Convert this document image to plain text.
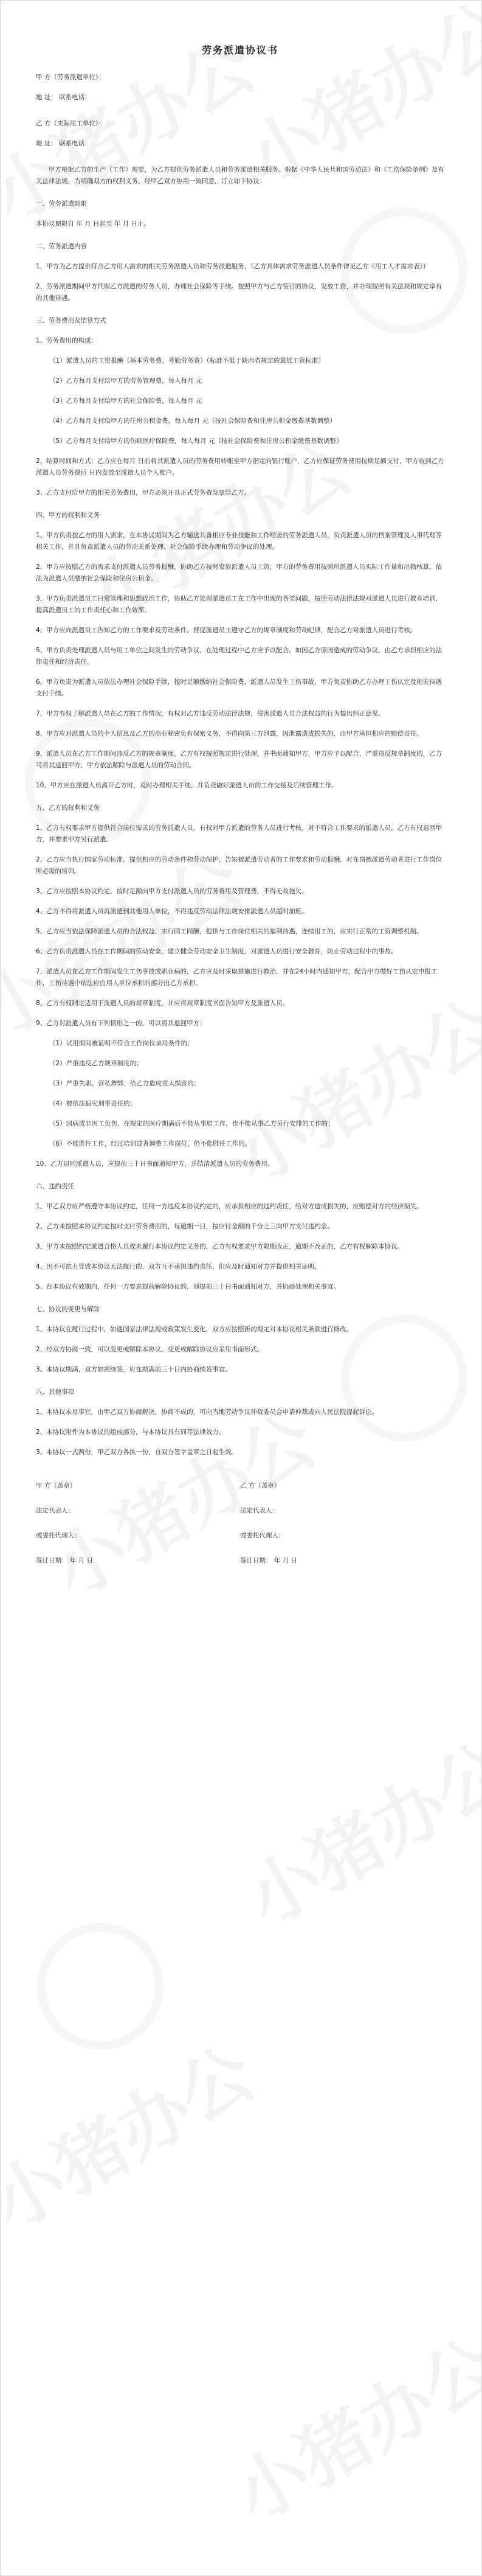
劳务派遣协议书
甲 方（劳务派遣单位）：
地 址： 联系电话：
乙 方（实际用工单位）：
地 址： 联系电话：
甲方根据乙方的生产（工作）需要，为乙方提供劳务派遣人员和劳务派遣相关服务。根据《中华人民共和国劳动法》和《工伤保险条例》及有关法律法规，为明确双方的权利义务，经甲乙双方协商一致同意，订立如下协议：
一、劳务派遣期限
本协议期限自 年 月 日起至 年 月 日止。
二、劳务派遣内容
1、甲方为乙方提供符合乙方用人需求的相关劳务派遣人员和劳务派遣服务，（乙方具体需求劳务派遣人员条件详见乙方《用工人才需求表》）
2、劳务派遣期间甲方代理乙方派遣的劳务人员，办理社会保险等手续。按照甲方与乙方签订的协议，发放工资，并办理按照有关法规和规定享有的其他待遇。
三、劳务费用及结算方式
1、劳务费用的构成：
（1）派遣人员的工资报酬（基本劳务费、考勤劳务费）（标准不低于陕西省规定的最低工资标准）
（2）乙方每月支付给甲方的劳务管理费，每人每月 元
（3）乙方每月支付给甲方的社会保险费，每人每月 元
（4）乙方每月支付给甲方的住房公积金费，每人每月 元（按社会保险费和住房公积金缴费基数调整）
（5）乙方每月支付给甲方的伤病医疗保险费，每人每月 元（按社会保险费和住房公积金缴费基数调整）
2、结算时间和方式：乙方应在每月 日前将其派遣人员的劳务费用转账至甲方指定的银行账户，乙方应保证劳务费用按期足额支付，甲方收到乙方派遣人员劳务费后 日内发放至派遣人员个人账户。
3、乙方支付给甲方的相关劳务费用，甲方必须开具正式劳务费发票给乙方。
四、甲方的权利和义务
1、甲方负责按乙方的用人需求，在本协议期间为乙方输送具备相应专业技能和工作经验的劳务派遣人员，负责派遣人员的档案管理及人事代理等相关工作，并且负责派遣人员的劳动关系处理、社会保险手续办理和劳动争议的处理。
2、甲方应按照乙方的需求支付派遣人员劳务报酬，协助乙方按时发放派遣人员工资，甲方的劳务费用按照所派遣人员实际工作量和出勤核算，依法为派遣人员缴纳社会保险和住房公积金。
3、甲方负责派遣员工日常管理和思想政治工作，协助乙方处理派遣员工在工作中出现的各类问题，按照劳动法律法规对派遣人员进行教育培训，提高派遣员工的工作责任心和工作效率。
4、甲方应向派遣员工告知乙方的工作要求及劳动条件，督促派遣员工遵守乙方的规章制度和劳动纪律，配合乙方对派遣人员进行考核。
5、甲方负责处理派遣人员与用工单位之间发生的劳动争议，在处理过程中乙方应予以配合，如因乙方原因造成的劳动争议，由乙方承担相应的法律责任和经济责任。
6、甲方负责为派遣人员依法办理社会保险手续，按时足额缴纳社会保险费，派遣人员发生工伤事故，甲方负责协助乙方办理工伤认定及相关待遇支付手续。
7、甲方有权了解派遣人员在乙方的工作情况，有权对乙方违反劳动法律法规、侵害派遣人员合法权益的行为提出纠正意见。
8、甲方应对派遣人员的个人信息及乙方的商业秘密负有保密义务，不得向第三方泄露，因泄露造成损失的，由甲方承担相应的赔偿责任。
9、派遣人员在乙方工作期间违反乙方的规章制度，乙方有权按照规定进行处理，并书面通知甲方，甲方应予以配合，严重违反规章制度的，乙方可将其退回甲方，甲方依法解除与派遣人员的劳动合同。
10、甲方应在派遣人员离开乙方时，及时办理相关手续，并负责做好派遣人员的工作交接及后续管理工作。
五、乙方的权利和义务
1、乙方有权要求甲方提供符合岗位需求的劳务派遣人员，有权对甲方派遣的劳务人员进行考核，对不符合工作要求的派遣人员，乙方有权退回甲方，并要求甲方另行派遣。
2、乙方应当执行国家劳动标准，提供相应的劳动条件和劳动保护，告知被派遣劳动者的工作要求和劳动报酬，对在岗被派遣劳动者进行工作岗位所必需的培训。
3、乙方应按照本协议约定，按时足额向甲方支付派遣人员的劳务费用及管理费，不得无故拖欠。
4、乙方不得将派遣人员再派遣到其他用人单位，不得违反劳动法律法规安排派遣人员超时加班。
5、乙方应当依法保障派遣人员的合法权益，实行同工同酬，提供与工作岗位相关的福利待遇，连续用工的，应实行正常的工资调整机制。
6、乙方负责派遣人员在工作期间的劳动安全，建立健全劳动安全卫生制度，对派遣人员进行安全教育，防止劳动过程中的事故。
7、派遣人员在乙方工作期间发生工伤事故或职业病的，乙方应及时采取措施进行救治，并在24小时内通知甲方，配合甲方做好工伤认定申报工作，工伤待遇中依法应由用人单位承担的部分由乙方承担。
8、乙方有权制定适用于派遣人员的规章制度，并应将规章制度书面告知甲方及派遣人员。
9、乙方对派遣人员有下列情形之一的，可以将其退回甲方：
（1）试用期间被证明不符合工作岗位录用条件的；
（2）严重违反乙方规章制度的；
（3）严重失职、营私舞弊，给乙方造成重大损害的；
（4）被依法追究刑事责任的；
（5）因病或非因工负伤，在规定的医疗期满后不能从事原工作，也不能从事乙方另行安排的工作的；
（6）不能胜任工作，经过培训或者调整工作岗位，仍不能胜任工作的。
10、乙方退回派遣人员，应提前三十日书面通知甲方，并结清派遣人员的劳务费用。
六、违约责任
1、甲乙双方应严格遵守本协议约定，任何一方违反本协议约定的，应承担相应的违约责任，给对方造成损失的，应赔偿对方的经济损失。
2、乙方未按照本协议约定按时支付劳务费用的，每逾期一日，按应付金额的千分之三向甲方支付违约金。
3、甲方未按照约定派遣合格人员或未履行本协议约定义务的，乙方有权要求甲方限期改正，逾期不改正的，乙方有权解除本协议。
4、因不可抗力导致本协议无法履行的，双方互不承担违约责任，但应及时通知对方并提供相关证明。
5、在本协议有效期内，任何一方要求提前解除协议的，须提前三十日书面通知对方，并协商处理相关事宜。
七、协议的变更与解除
1、本协议在履行过程中，如遇国家法律法规或政策发生变化，双方应按照新的规定对本协议相关条款进行修改。
2、经双方协商一致，可以变更或解除本协议，变更或解除协议应采用书面形式。
3、本协议期满，双方如需续签，应在期满前三十日内协商续签事宜。
八、其他事项
1、本协议未尽事宜，由甲乙双方协商解决，协商不成的，可向当地劳动争议仲裁委员会申请仲裁或向人民法院提起诉讼。
2、本协议附件为本协议的组成部分，与本协议具有同等法律效力。
3、本协议一式两份，甲乙双方各执一份，自双方签字盖章之日起生效。
甲 方（盖章）	乙 方（盖章）
法定代表人：	法定代表人：
或委托代理人：	或委托代理人：
签订日期： 年 月 日	签订日期： 年 月 日
